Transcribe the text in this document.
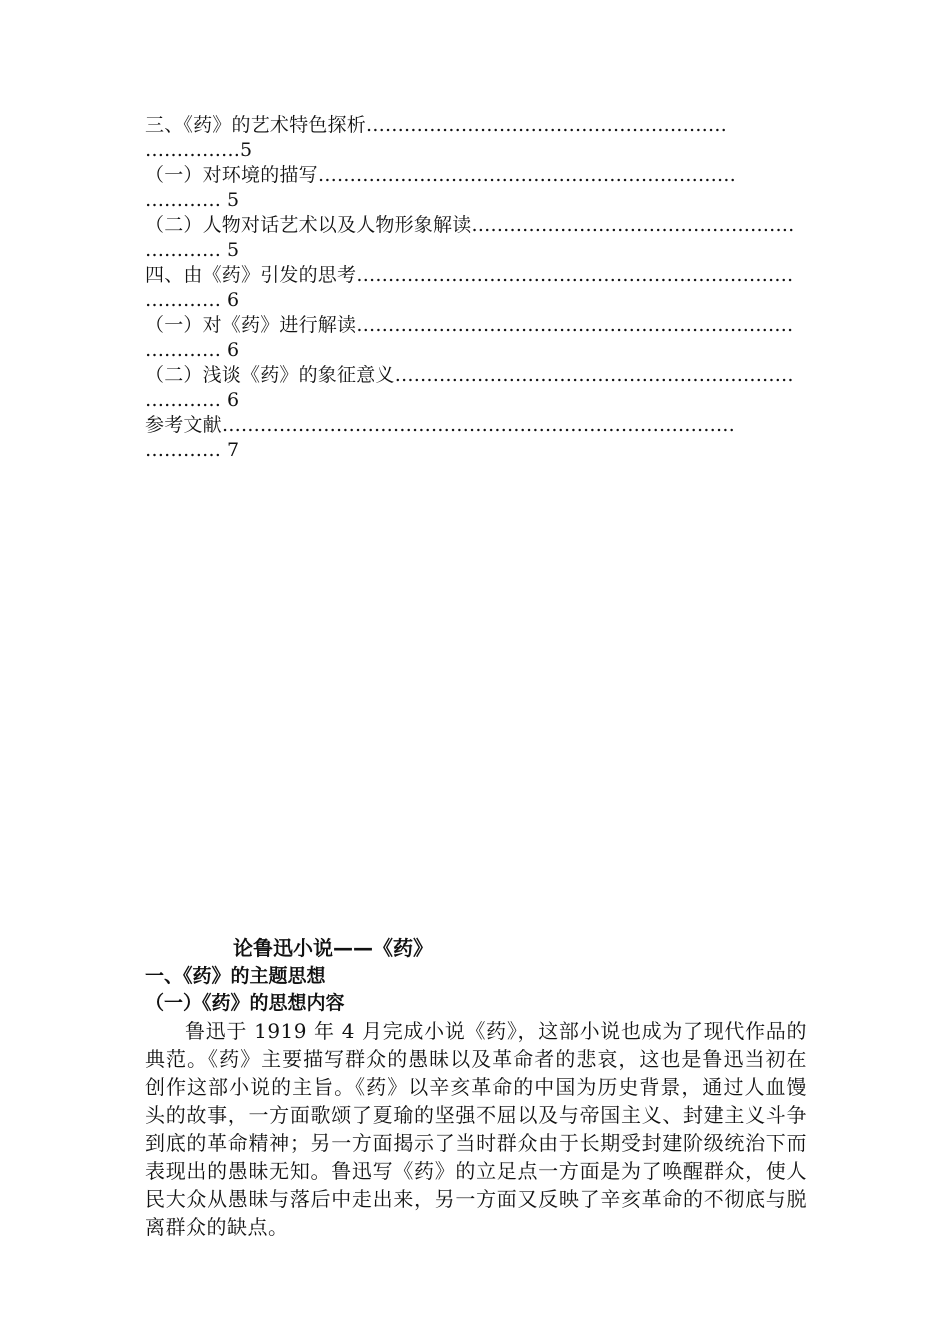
三、《药》的艺术特色探析…………………………………………………
……………5
（一）对环境的描写…………………………………………………………
………… 5
（二）人物对话艺术以及人物形象解读……………………………………………
………… 5
四、由《药》引发的思考……………………………………………………………
………… 6
（一）对《药》进行解读……………………………………………………………
………… 6
（二）浅谈《药》的象征意义………………………………………………………
………… 6
参考文献………………………………………………………………………
………… 7
论鲁迅小说——《药》
一、《药》的主题思想
（一）《药》的思想内容

鲁迅于 1919 年 4 月完成小说《药》，这部小说也成为了现代作品的典范。《药》主要描写群众的愚昧以及革命者的悲哀，这也是鲁迅当初在创作这部小说的主旨。《药》以辛亥革命的中国为历史背景，通过人血馒头的故事，一方面歌颂了夏瑜的坚强不屈以及与帝国主义、封建主义斗争到底的革命精神；另一方面揭示了当时群众由于长期受封建阶级统治下而表现出的愚昧无知。鲁迅写《药》的立足点一方面是为了唤醒群众，使人民大众从愚昧与落后中走出来，另一方面又反映了辛亥革命的不彻底与脱离群众的缺点。
